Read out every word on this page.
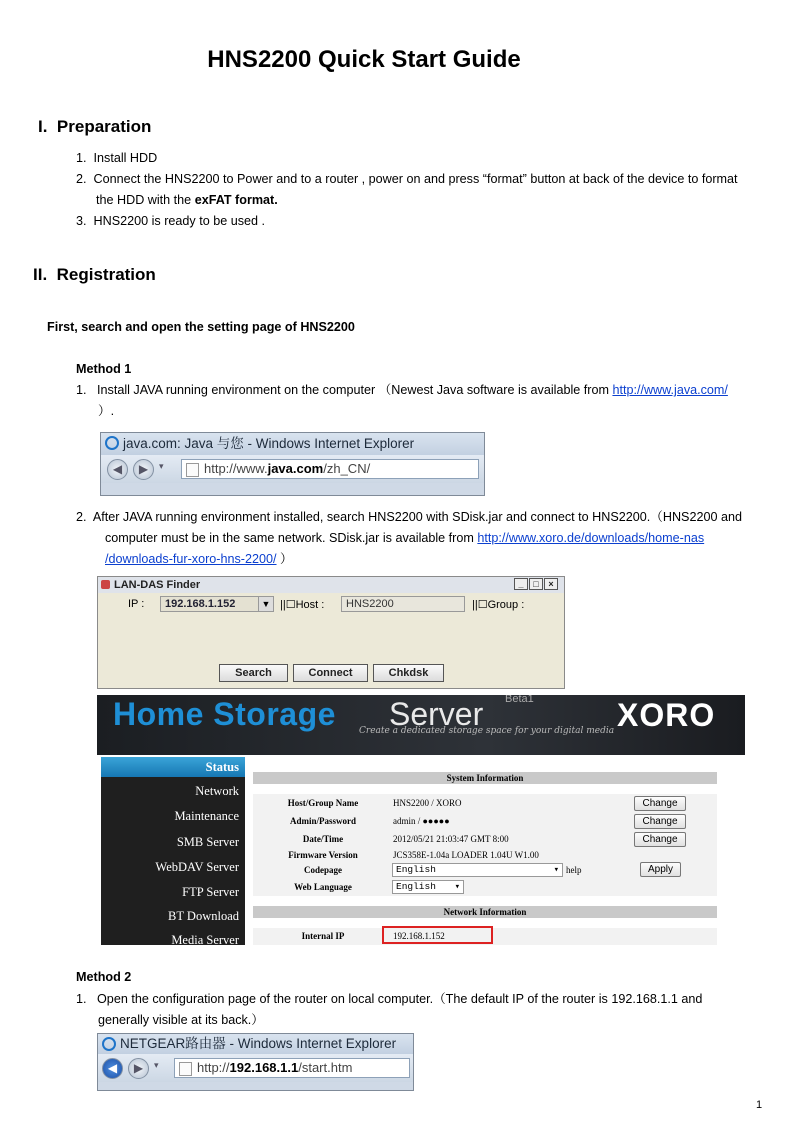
HNS2200 Quick Start Guide
I. Preparation
1. Install HDD
2. Connect the HNS2200 to Power and to a router , power on and press “format” button at back of the device to format
the HDD with the exFAT format.
3. HNS2200 is ready to be used .
II. Registration
First, search and open the setting page of HNS2200
Method 1
1. Install JAVA running environment on the computer （Newest Java software is available from http://www.java.com/
）.
java.com: Java 与您 - Windows Internet Explorer
◀	▶	▾	http://www.java.com/zh_CN/
2. After JAVA running environment installed, search HNS2200 with SDisk.jar and connect to HNS2200.（HNS2200 and
computer must be in the same network. SDisk.jar is available from http://www.xoro.de/downloads/home-nas
/downloads-fur-xoro-hns-2200/ ）
LAN-DAS Finder	_	□	×
IP :	192.168.1.152	▼ ||☐Host :	HNS2200	||☐Group :
Search	Connect	Chkdsk
Home Storage Server Beta1
Create a dedicated storage space for your digital media XORO
Status
Network
Maintenance
SMB Server
WebDAV Server
FTP Server
BT Download
Media Server
System Information
Host/Group Name	HNS2200 / XORO	Change
Admin/Password	admin / ●●●●●	Change
Date/Time	2012/05/21 21:03:47 GMT 8:00	Change
Firmware Version	JCS358E-1.04a LOADER 1.04U W1.00
Codepage	English ▾	help	Apply
Web Language	English ▾
Network Information
Internal IP	192.168.1.152
Method 2
1. Open the configuration page of the router on local computer.（The default IP of the router is 192.168.1.1 and
generally visible at its back.）
NETGEAR路由器 - Windows Internet Explorer
◀	▶	▾	http://192.168.1.1/start.htm
1
